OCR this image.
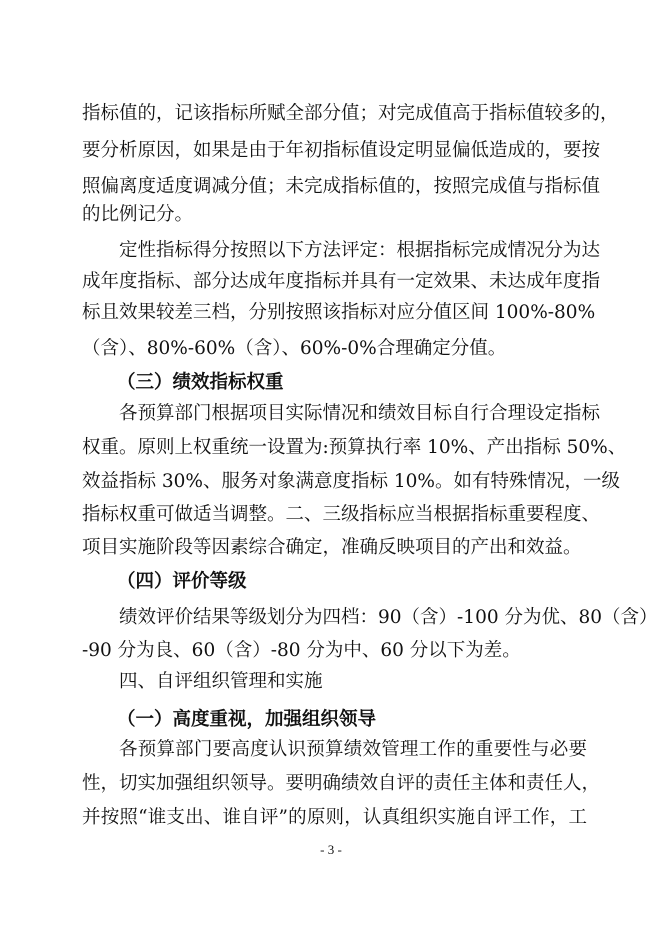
指标值的，记该指标所赋全部分值；对完成值高于指标值较多的，
要分析原因，如果是由于年初指标值设定明显偏低造成的，要按
照偏离度适度调减分值；未完成指标值的，按照完成值与指标值
的比例记分。
定性指标得分按照以下方法评定：根据指标完成情况分为达
成年度指标、部分达成年度指标并具有一定效果、未达成年度指
标且效果较差三档，分别按照该指标对应分值区间 100%-80%
（含）、80%-60%（含）、60%-0%合理确定分值。
（三）绩效指标权重
各预算部门根据项目实际情况和绩效目标自行合理设定指标
权重。原则上权重统一设置为:预算执行率 10%、产出指标 50%、
效益指标 30%、服务对象满意度指标 10%。如有特殊情况，一级
指标权重可做适当调整。二、三级指标应当根据指标重要程度、
项目实施阶段等因素综合确定，准确反映项目的产出和效益。
（四）评价等级
绩效评价结果等级划分为四档：90（含）-100 分为优、80（含）
-90 分为良、60（含）-80 分为中、60 分以下为差。
四、自评组织管理和实施
（一）高度重视，加强组织领导
各预算部门要高度认识预算绩效管理工作的重要性与必要
性，切实加强组织领导。要明确绩效自评的责任主体和责任人，
并按照“谁支出、谁自评”的原则，认真组织实施自评工作，工
- 3 -
